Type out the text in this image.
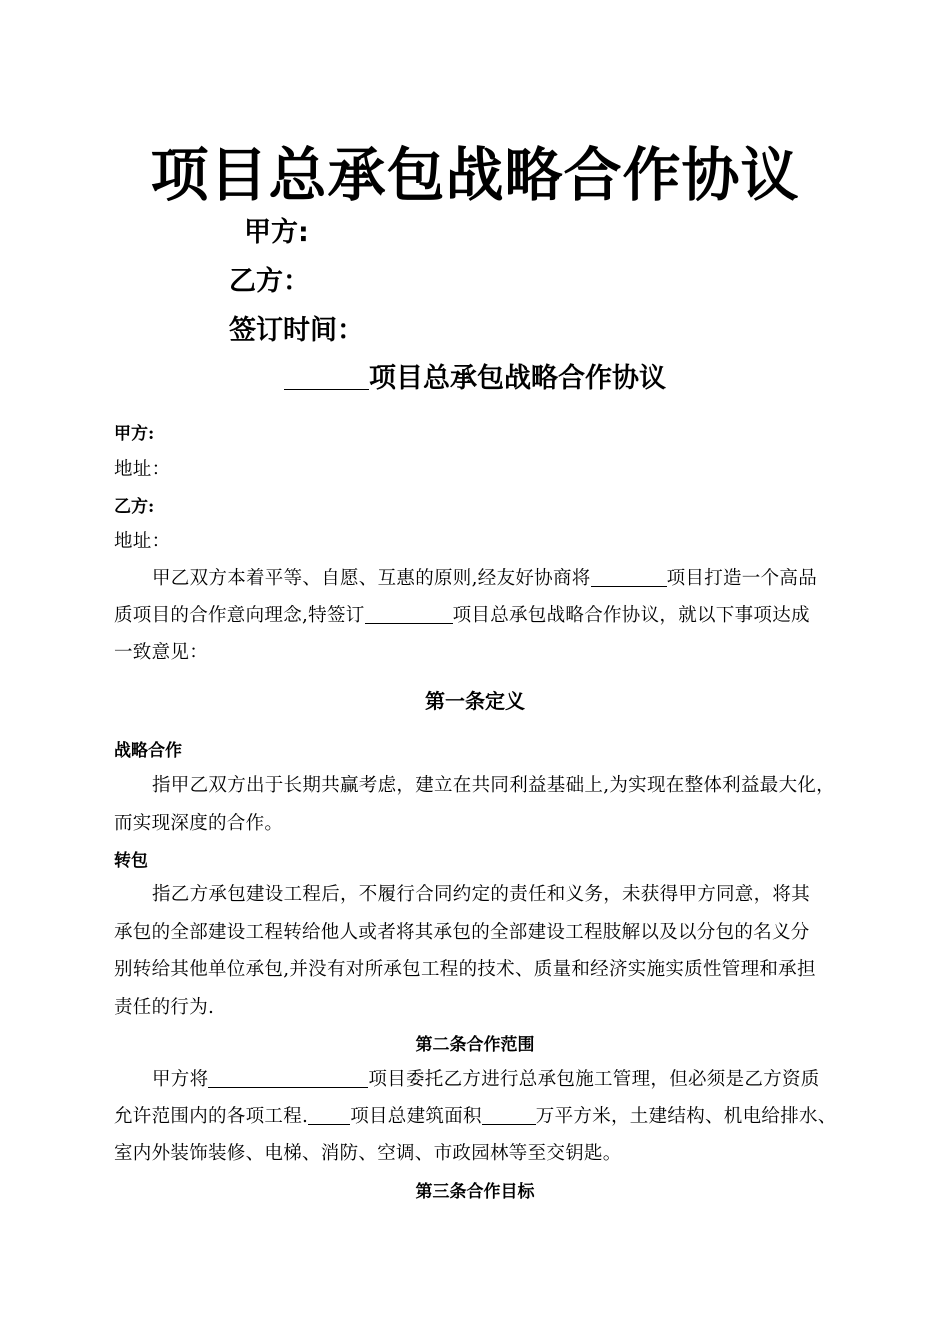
项目总承包战略合作协议
甲方:
乙方：
签订时间：
项目总承包战略合作协议
甲方:
地址：
乙方:
地址：
甲乙双方本着平等、自愿、互惠的原则,经友好协商将	项目打造一个高品
质项目的合作意向理念,特签订	项目总承包战略合作协议，就以下事项达成
一致意见：
第一条定义
战略合作
指甲乙双方出于长期共赢考虑，建立在共同利益基础上,为实现在整体利益最大化，
而实现深度的合作。
转包
指乙方承包建设工程后，不履行合同约定的责任和义务，未获得甲方同意，将其
承包的全部建设工程转给他人或者将其承包的全部建设工程肢解以及以分包的名义分
别转给其他单位承包,并没有对所承包工程的技术、质量和经济实施实质性管理和承担
责任的行为.
第二条合作范围
甲方将	项目委托乙方进行总承包施工管理，但必须是乙方资质
允许范围内的各项工程. 项目总建筑面积	万平方米，土建结构、机电给排水、
室内外装饰装修、电梯、消防、空调、市政园林等至交钥匙。
第三条合作目标
